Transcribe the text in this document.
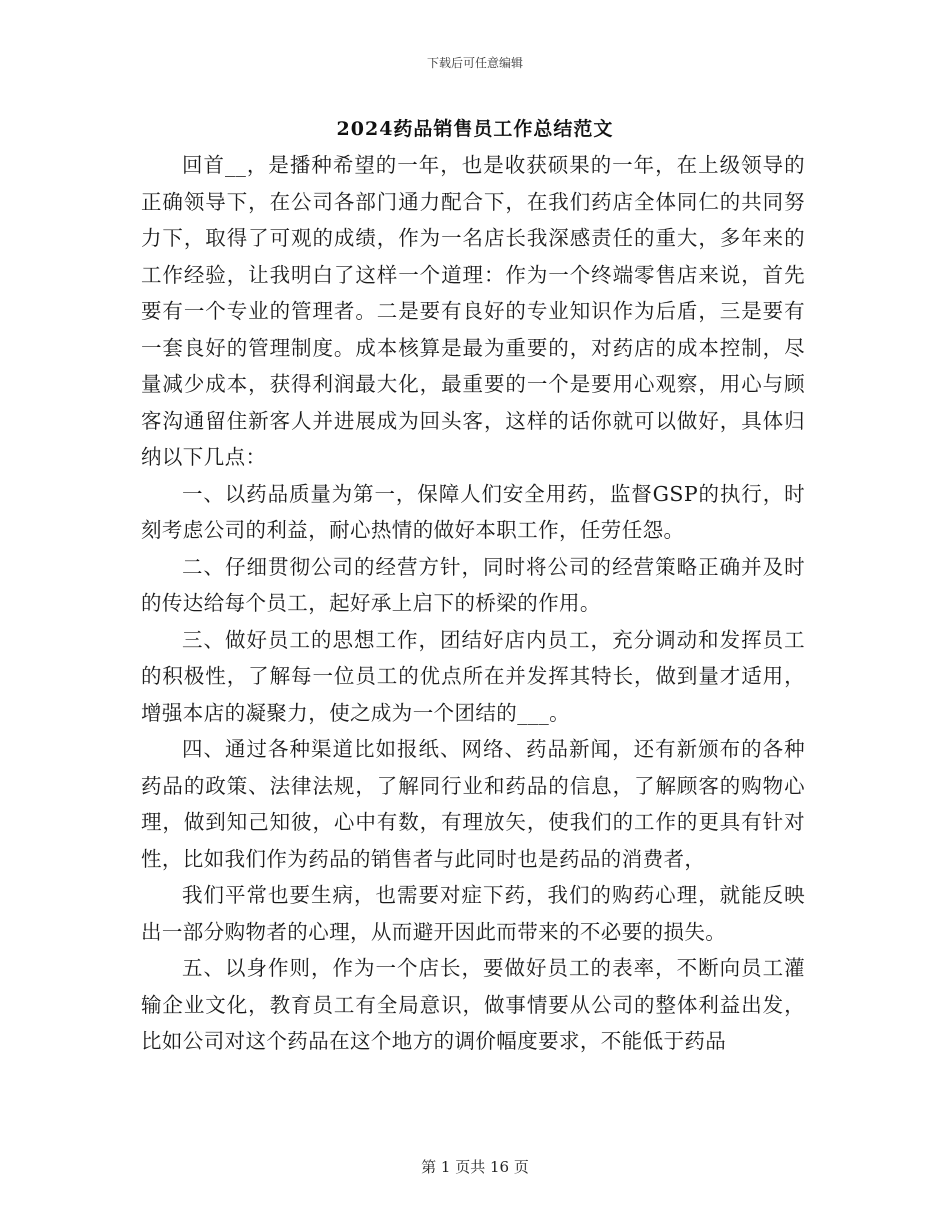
下载后可任意编辑
2024药品销售员工作总结范文

回首__，是播种希望的一年，也是收获硕果的一年，在上级领导的正确领导下，在公司各部门通力配合下，在我们药店全体同仁的共同努力下，取得了可观的成绩，作为一名店长我深感责任的重大，多年来的工作经验，让我明白了这样一个道理：作为一个终端零售店来说，首先要有一个专业的管理者。二是要有良好的专业知识作为后盾，三是要有一套良好的管理制度。成本核算是最为重要的，对药店的成本控制，尽量减少成本，获得利润最大化，最重要的一个是要用心观察，用心与顾客沟通留住新客人并进展成为回头客，这样的话你就可以做好，具体归纳以下几点：

一、以药品质量为第一，保障人们安全用药，监督GSP的执行，时刻考虑公司的利益，耐心热情的做好本职工作，任劳任怨。

二、仔细贯彻公司的经营方针，同时将公司的经营策略正确并及时的传达给每个员工，起好承上启下的桥梁的作用。

三、做好员工的思想工作，团结好店内员工，充分调动和发挥员工的积极性，了解每一位员工的优点所在并发挥其特长，做到量才适用，增强本店的凝聚力，使之成为一个团结的___。

四、通过各种渠道比如报纸、网络、药品新闻，还有新颁布的各种药品的政策、法律法规，了解同行业和药品的信息，了解顾客的购物心理，做到知己知彼，心中有数，有理放矢，使我们的工作的更具有针对性，比如我们作为药品的销售者与此同时也是药品的消费者，

我们平常也要生病，也需要对症下药，我们的购药心理，就能反映出一部分购物者的心理，从而避开因此而带来的不必要的损失。

五、以身作则，作为一个店长，要做好员工的表率，不断向员工灌输企业文化，教育员工有全局意识，做事情要从公司的整体利益出发，比如公司对这个药品在这个地方的调价幅度要求，不能低于药品

第 1 页共 16 页
